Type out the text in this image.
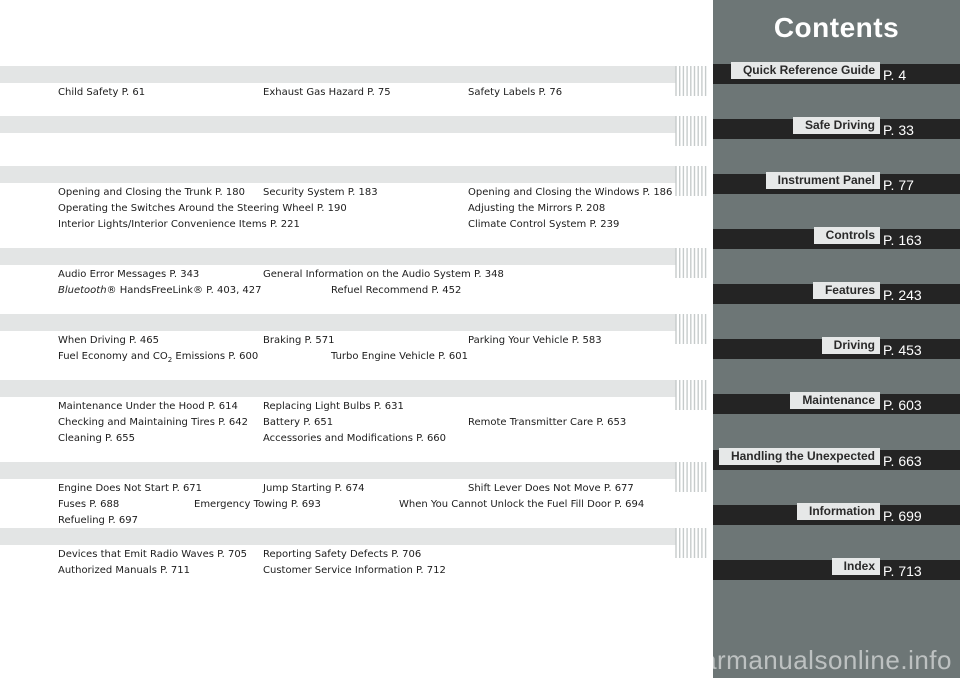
Contents
Child Safety P. 61	Exhaust Gas Hazard P. 75	Safety Labels P. 76
Opening and Closing the Trunk P. 180 Security System P. 183	Opening and Closing the Windows P. 186
Operating the Switches Around the Steering Wheel P. 190	Adjusting the Mirrors P. 208
Interior Lights/Interior Convenience Items P. 221	Climate Control System P. 239
Audio Error Messages P. 343	General Information on the Audio System P. 348
Bluetooth® HandsFreeLink® P. 403, 427	Refuel Recommend P. 452
When Driving P. 465	Braking P. 571	Parking Your Vehicle P. 583
Fuel Economy and $CO_2$ Emissions P. 600	Turbo Engine Vehicle P. 601
Maintenance Under the Hood P. 614	Replacing Light Bulbs P. 631
Checking and Maintaining Tires P. 642 Battery P. 651	Remote Transmitter Care P. 653
Cleaning P. 655	Accessories and Modifications P. 660
Engine Does Not Start P. 671	Jump Starting P. 674	Shift Lever Does Not Move P. 677
Fuses P. 688	Emergency Towing P. 693	When You Cannot Unlock the Fuel Fill Door P. 694
Refueling P. 697
Devices that Emit Radio Waves P. 705 Reporting Safety Defects P. 706
Authorized Manuals P. 711	Customer Service Information P. 712
carmanualsonline.info
Quick Reference Guide P. 4
Safe Driving P. 33
Instrument Panel P. 77
Controls P. 163
Features P. 243
Driving P. 453
Maintenance P. 603
Handling the Unexpected P. 663
Information P. 699
Index P. 713
